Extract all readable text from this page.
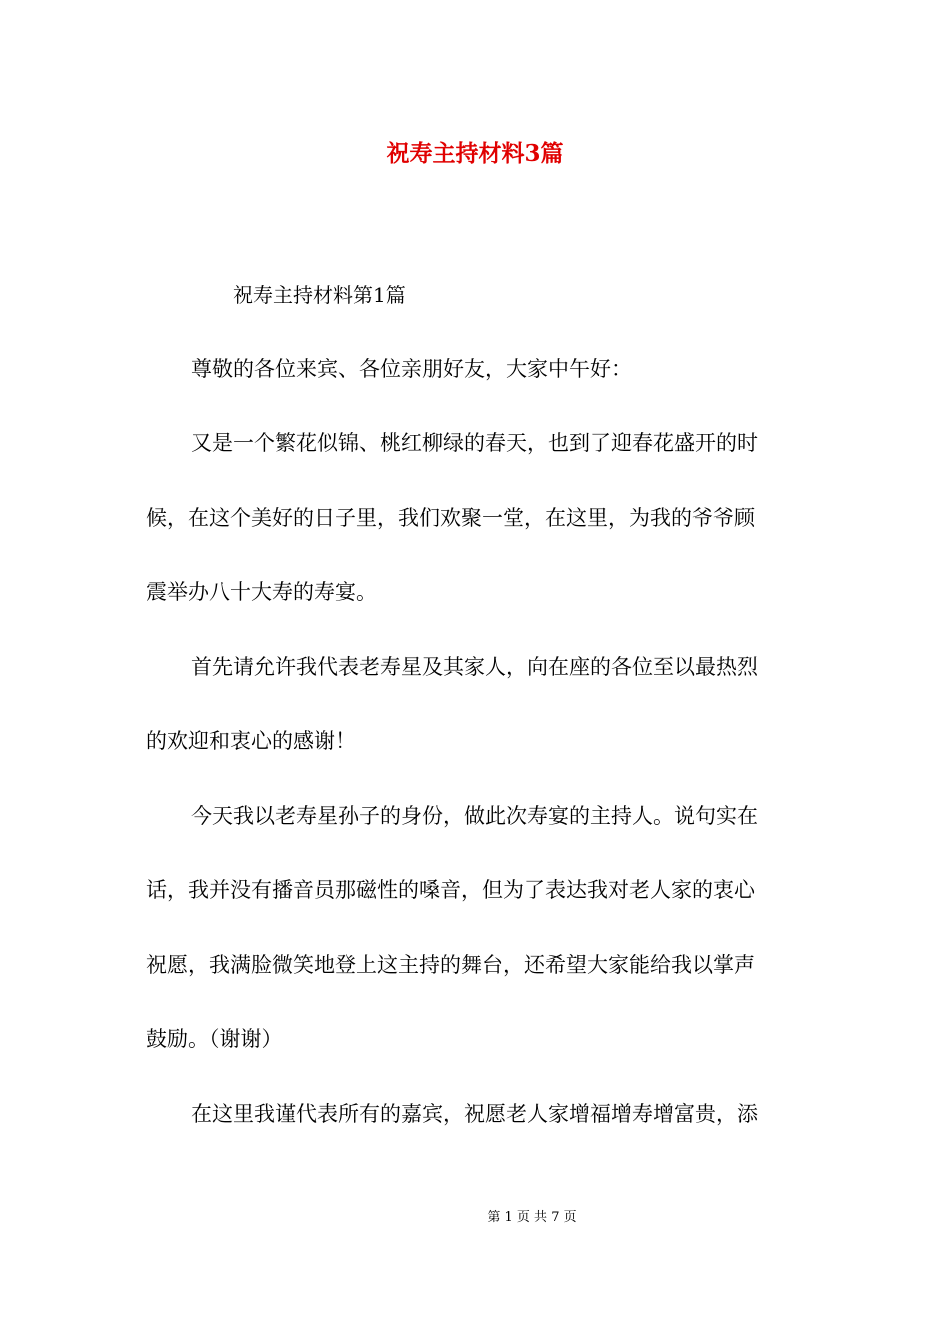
祝寿主持材料3篇
祝寿主持材料第1篇
尊敬的各位来宾、各位亲朋好友，大家中午好：
又是一个繁花似锦、桃红柳绿的春天，也到了迎春花盛开的时
候，在这个美好的日子里，我们欢聚一堂，在这里，为我的爷爷顾
震举办八十大寿的寿宴。
首先请允许我代表老寿星及其家人，向在座的各位至以最热烈
的欢迎和衷心的感谢！
今天我以老寿星孙子的身份，做此次寿宴的主持人。说句实在
话，我并没有播音员那磁性的嗓音，但为了表达我对老人家的衷心
祝愿，我满脸微笑地登上这主持的舞台，还希望大家能给我以掌声
鼓励。（谢谢）
在这里我谨代表所有的嘉宾，祝愿老人家增福增寿增富贵，添
第 1 页 共 7 页
